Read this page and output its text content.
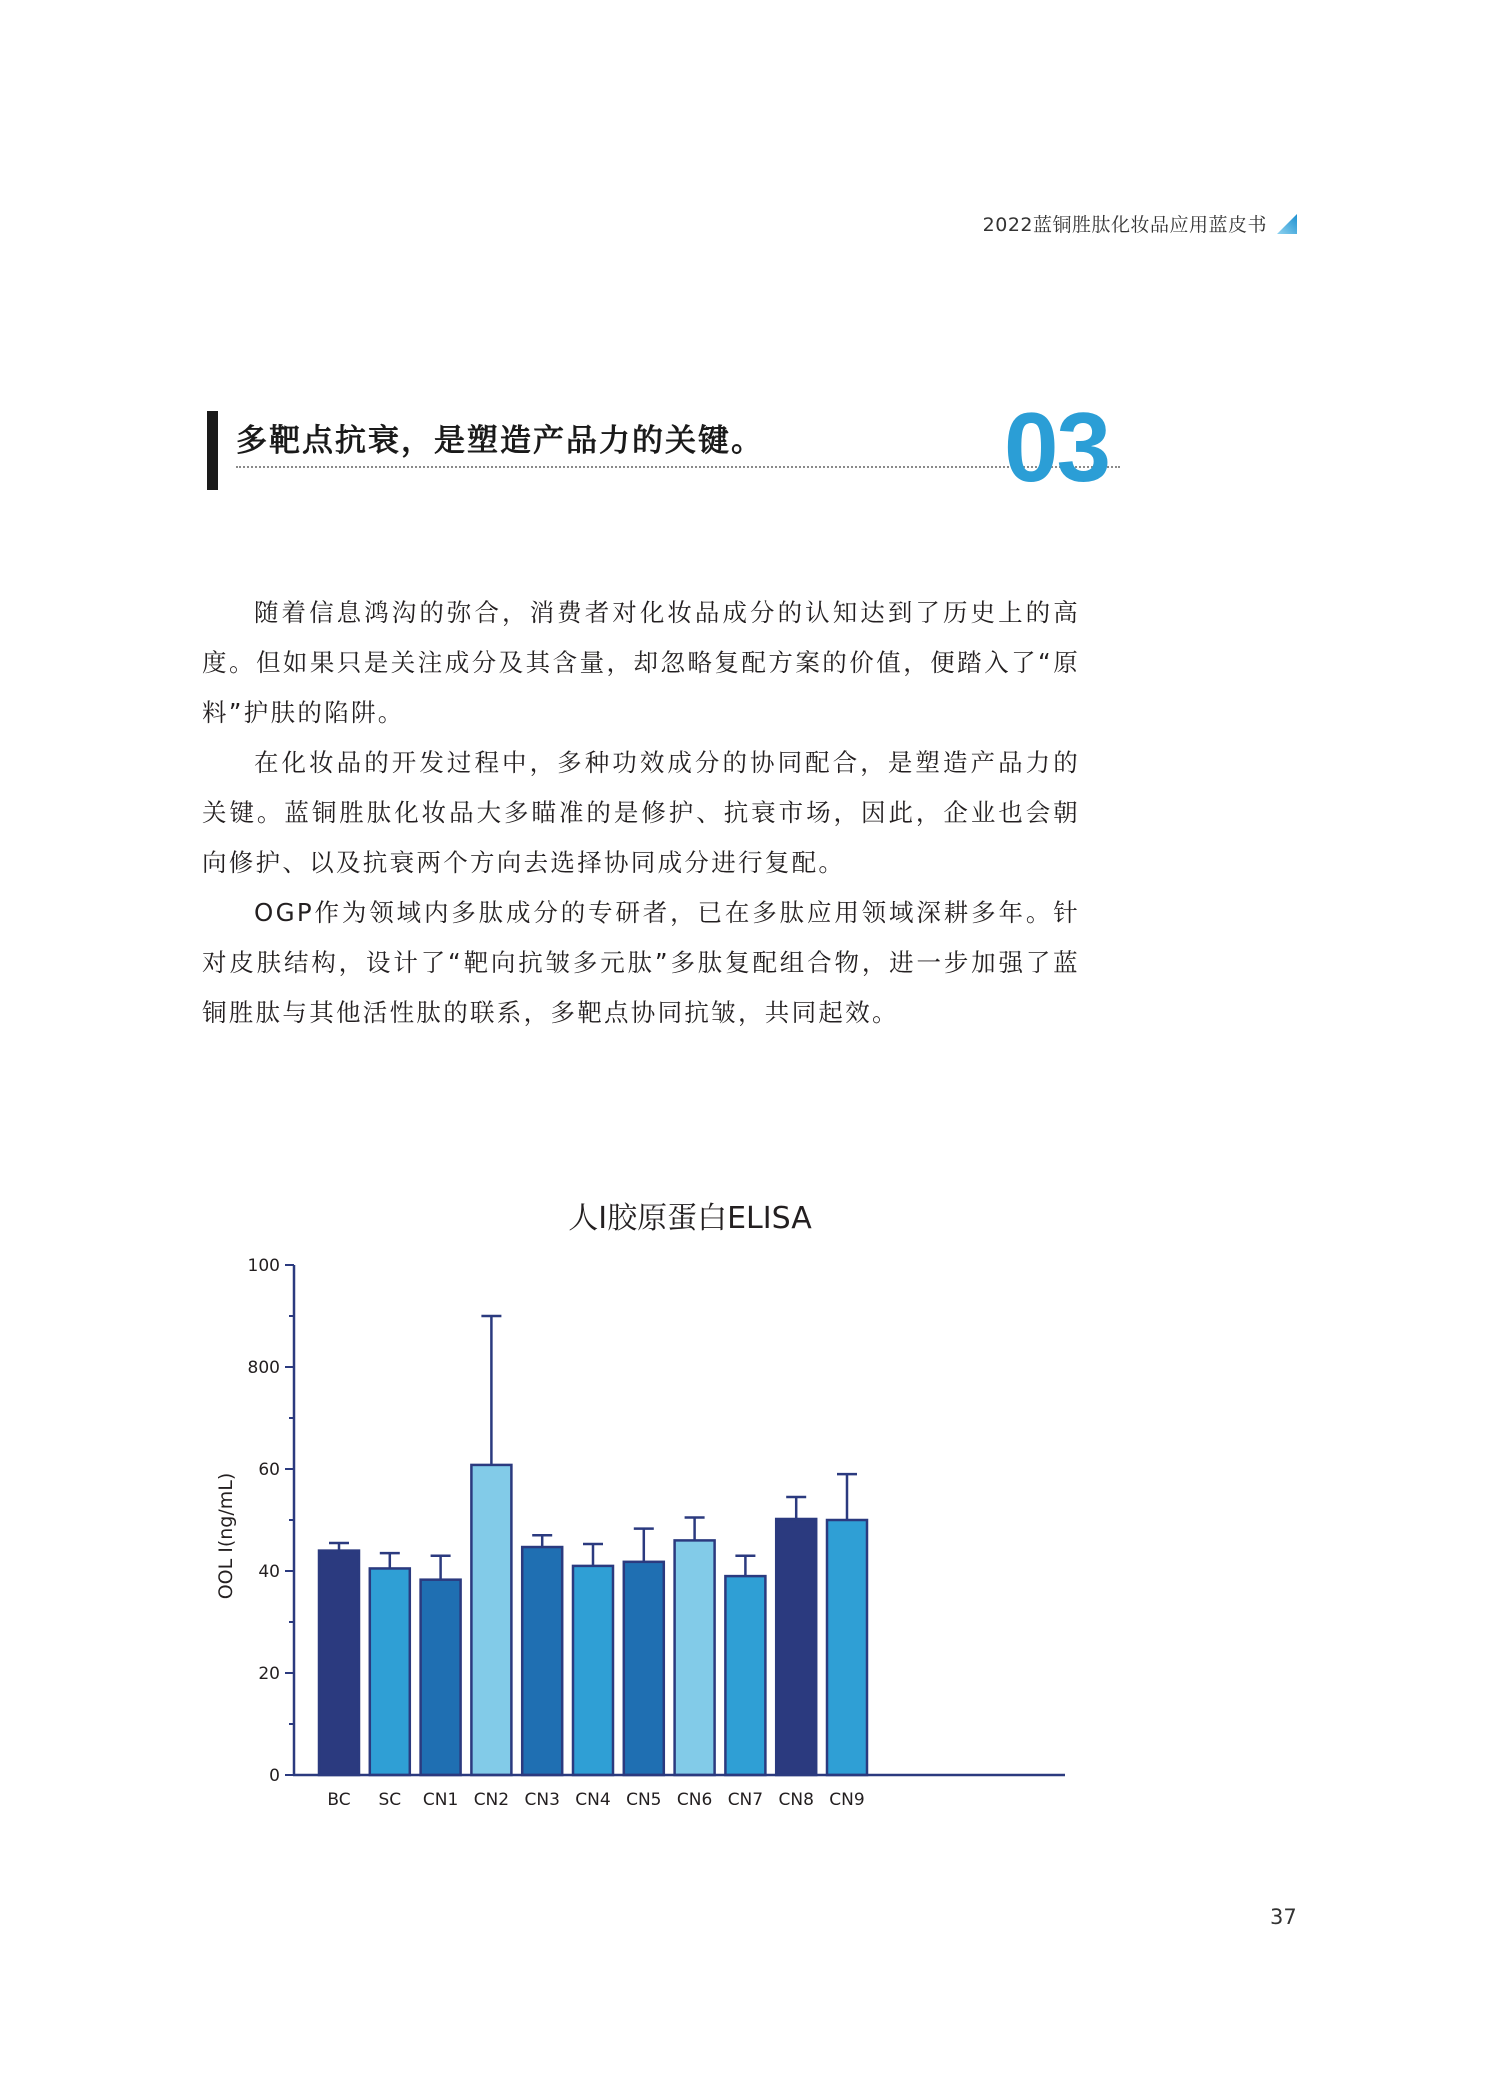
2022蓝铜胜肽化妆品应用蓝皮书
多靶点抗衰，是塑造产品力的关键。 03

随着信息鸿沟的弥合，消费者对化妆品成分的认知达到了历史上的高度。但如果只是关注成分及其含量，却忽略复配方案的价值，便踏入了“原料”护肤的陷阱。

在化妆品的开发过程中，多种功效成分的协同配合，是塑造产品力的关键。蓝铜胜肽化妆品大多瞄准的是修护、抗衰市场，因此，企业也会朝向修护、以及抗衰两个方向去选择协同成分进行复配。

OGP作为领域内多肽成分的专研者，已在多肽应用领域深耕多年。针对皮肤结构，设计了“靶向抗皱多元肽”多肽复配组合物，进一步加强了蓝铜胜肽与其他活性肽的联系，多靶点协同抗皱，共同起效。

人I胶原蛋白ELISA
OOL I(ng/mL)
0
20
40
60
800
100
BC SC CN1 CN2 CN3 CN4 CN5 CN6 CN7 CN8 CN9
37
